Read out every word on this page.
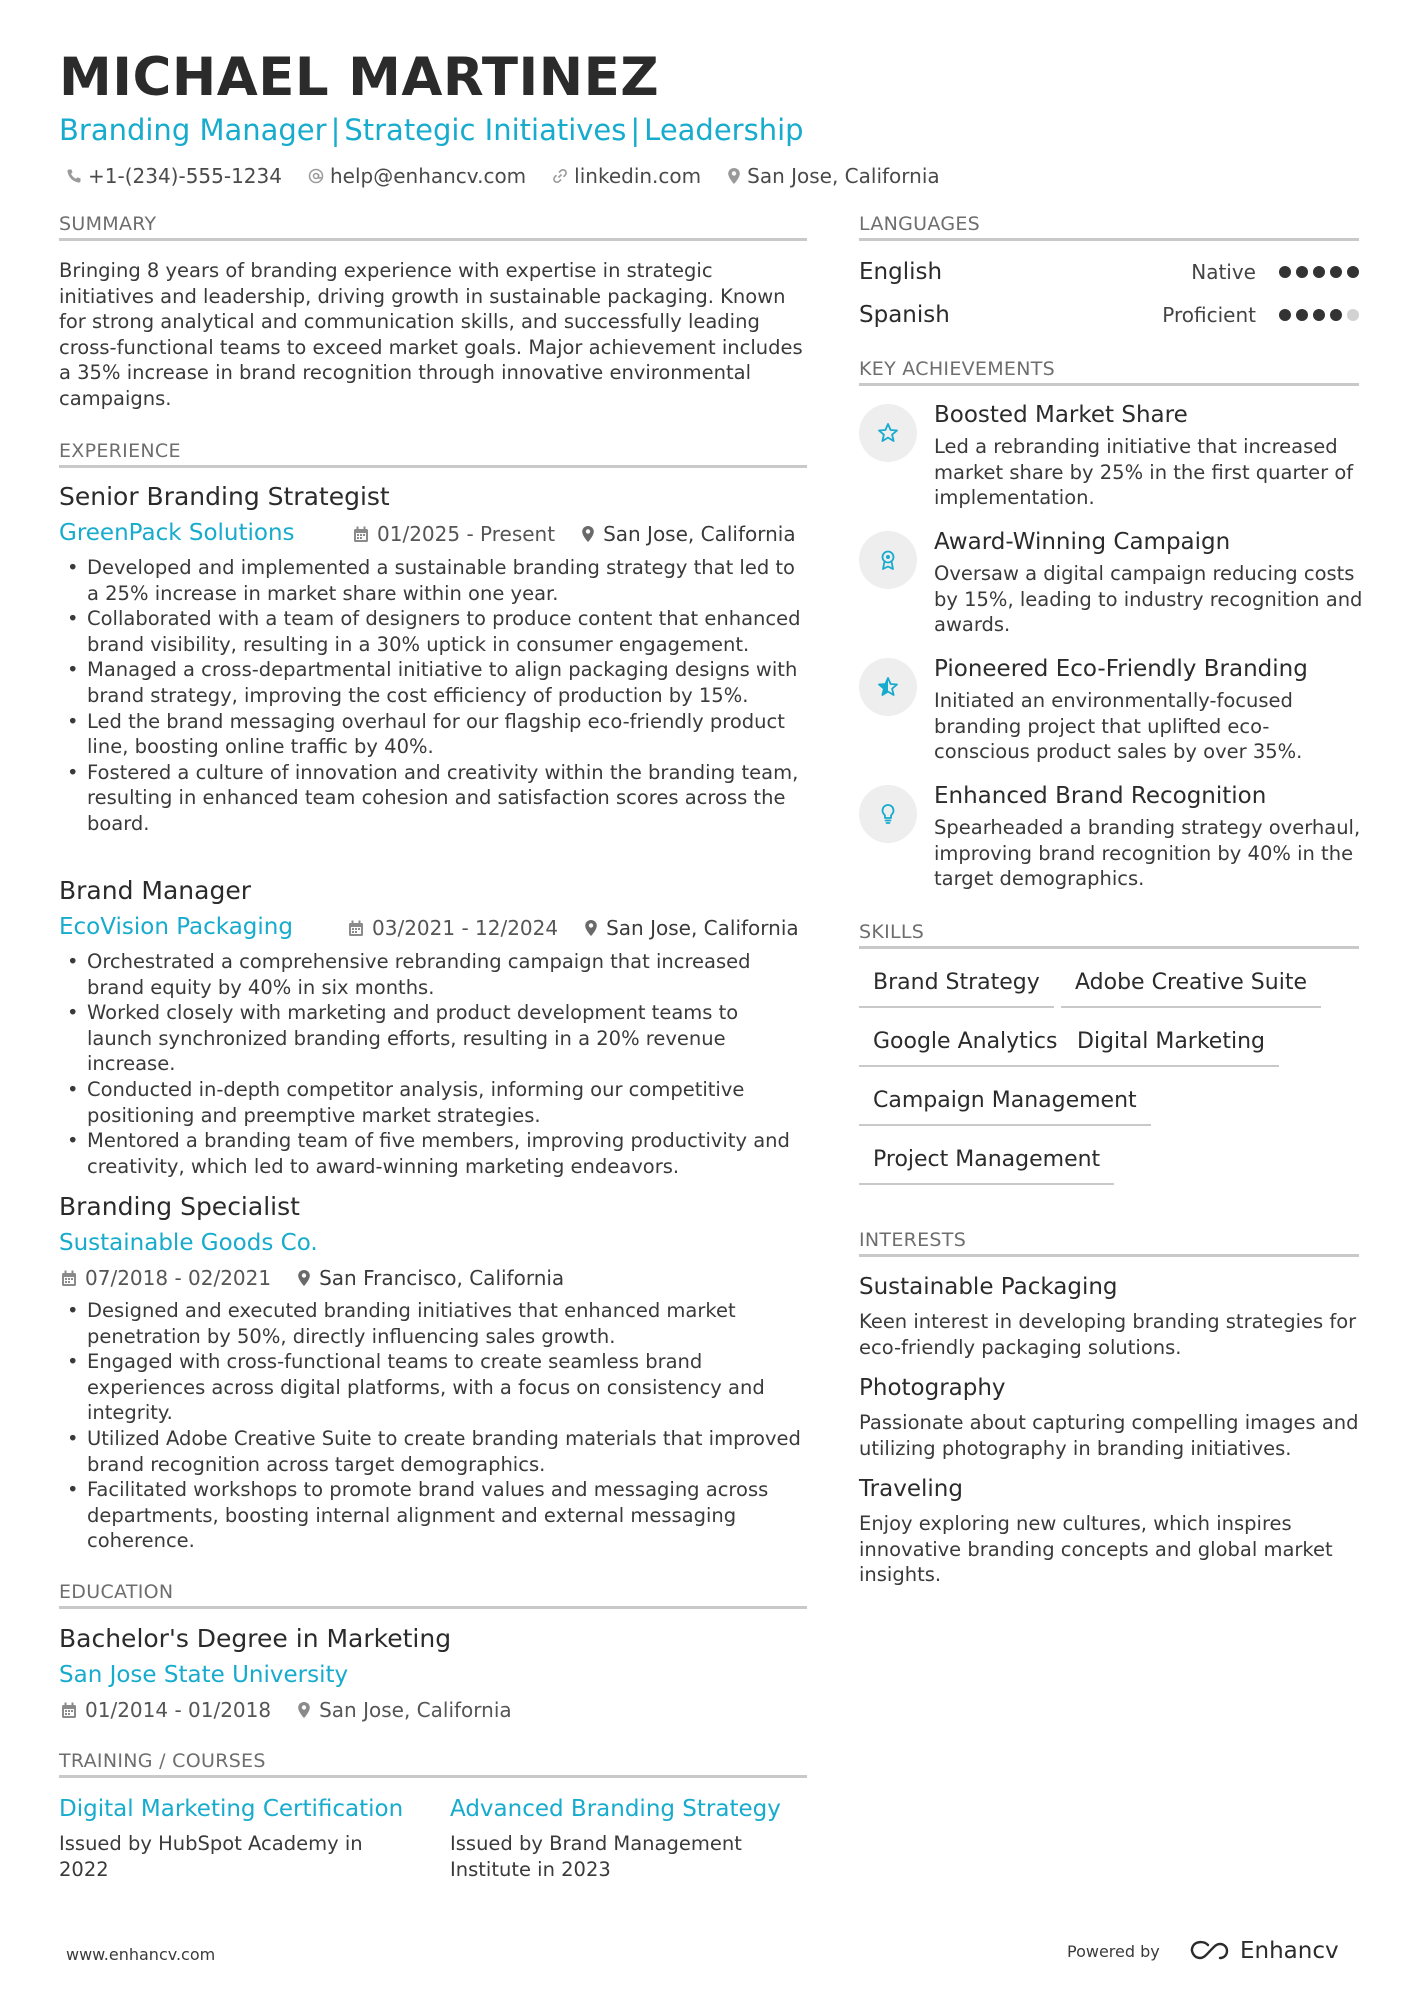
MICHAEL MARTINEZ
Branding Manager | Strategic Initiatives | Leadership
+1-(234)-555-1234 help@enhancv.com linkedin.com San Jose, California
SUMMARY
Bringing 8 years of branding experience with expertise in strategic initiatives and leadership, driving growth in sustainable packaging. Known for strong analytical and communication skills, and successfully leading cross-functional teams to exceed market goals. Major achievement includes a 35% increase in brand recognition through innovative environmental campaigns.
EXPERIENCE
Senior Branding Strategist
GreenPack Solutions	01/2025 - Present San Jose, California
• Developed and implemented a sustainable branding strategy that led to a 25% increase in market share within one year.
• Collaborated with a team of designers to produce content that enhanced brand visibility, resulting in a 30% uptick in consumer engagement.
• Managed a cross-departmental initiative to align packaging designs with brand strategy, improving the cost efficiency of production by 15%.
• Led the brand messaging overhaul for our flagship eco-friendly product line, boosting online traffic by 40%.
• Fostered a culture of innovation and creativity within the branding team, resulting in enhanced team cohesion and satisfaction scores across the board.
Brand Manager
EcoVision Packaging	03/2021 - 12/2024 San Jose, California
• Orchestrated a comprehensive rebranding campaign that increased brand equity by 40% in six months.
• Worked closely with marketing and product development teams to launch synchronized branding efforts, resulting in a 20% revenue increase.
• Conducted in-depth competitor analysis, informing our competitive positioning and preemptive market strategies.
• Mentored a branding team of five members, improving productivity and creativity, which led to award-winning marketing endeavors.
Branding Specialist
Sustainable Goods Co.
07/2018 - 02/2021 San Francisco, California
• Designed and executed branding initiatives that enhanced market penetration by 50%, directly influencing sales growth.
• Engaged with cross-functional teams to create seamless brand experiences across digital platforms, with a focus on consistency and integrity.
• Utilized Adobe Creative Suite to create branding materials that improved brand recognition across target demographics.
• Facilitated workshops to promote brand values and messaging across departments, boosting internal alignment and external messaging coherence.
EDUCATION
Bachelor's Degree in Marketing
San Jose State University
01/2014 - 01/2018 San Jose, California
TRAINING / COURSES
Digital Marketing Certification
Issued by HubSpot Academy in 2022
Advanced Branding Strategy
Issued by Brand Management Institute in 2023
LANGUAGES
English	Native
Spanish	Proficient
KEY ACHIEVEMENTS
Boosted Market Share
Led a rebranding initiative that increased market share by 25% in the first quarter of implementation.
Award-Winning Campaign
Oversaw a digital campaign reducing costs by 15%, leading to industry recognition and awards.
Pioneered Eco-Friendly Branding
Initiated an environmentally-focused branding project that uplifted eco-conscious product sales by over 35%.
Enhanced Brand Recognition
Spearheaded a branding strategy overhaul, improving brand recognition by 40% in the target demographics.
SKILLS
Brand Strategy	Adobe Creative Suite
Google Analytics Digital Marketing
Campaign Management
Project Management
INTERESTS
Sustainable Packaging
Keen interest in developing branding strategies for eco-friendly packaging solutions.
Photography
Passionate about capturing compelling images and utilizing photography in branding initiatives.
Traveling
Enjoy exploring new cultures, which inspires innovative branding concepts and global market insights.
www.enhancv.com	Powered by	Enhancv
